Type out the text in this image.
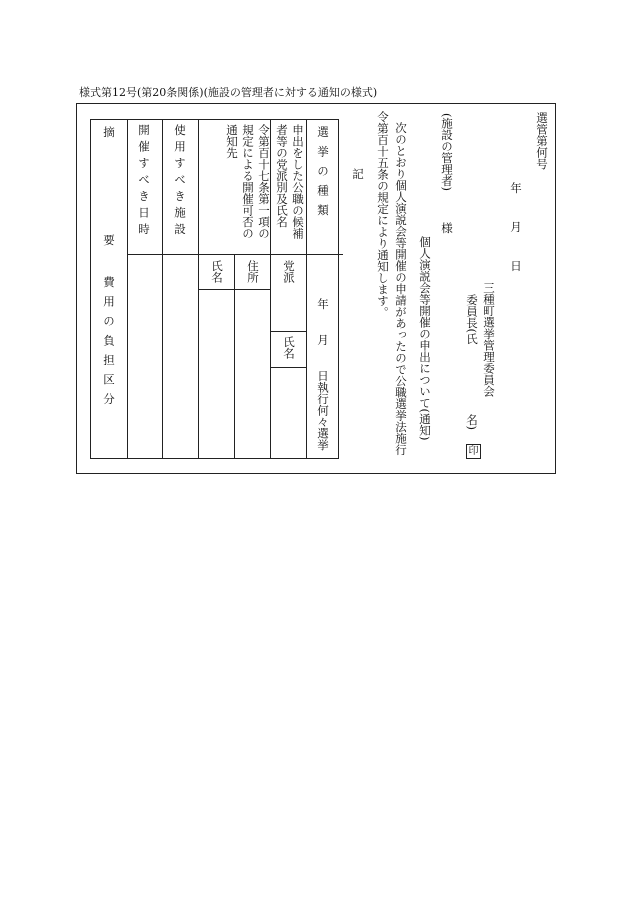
様式第12号(第20条関係)(施設の管理者に対する通知の様式)
選管第何号
年　月　日
三種町選挙管理委員会
委員長(氏
名)
印
(施設の管理者)
様
個人演説会等開催の申出について(通知)
次のとおり個人演説会等開催の申請があったので公職選挙法施行
令第百十五条の規定により通知します。
記
選挙の種類
年
月
日執行何々選挙
申出をした公職の候補
者等の党派別及氏名
党派
氏名
令第百十七条第一項の
規定による開催可否の
通知先
住所
氏名
使用すべき施設
開催すべき日時
摘
要
費用の負担区分
